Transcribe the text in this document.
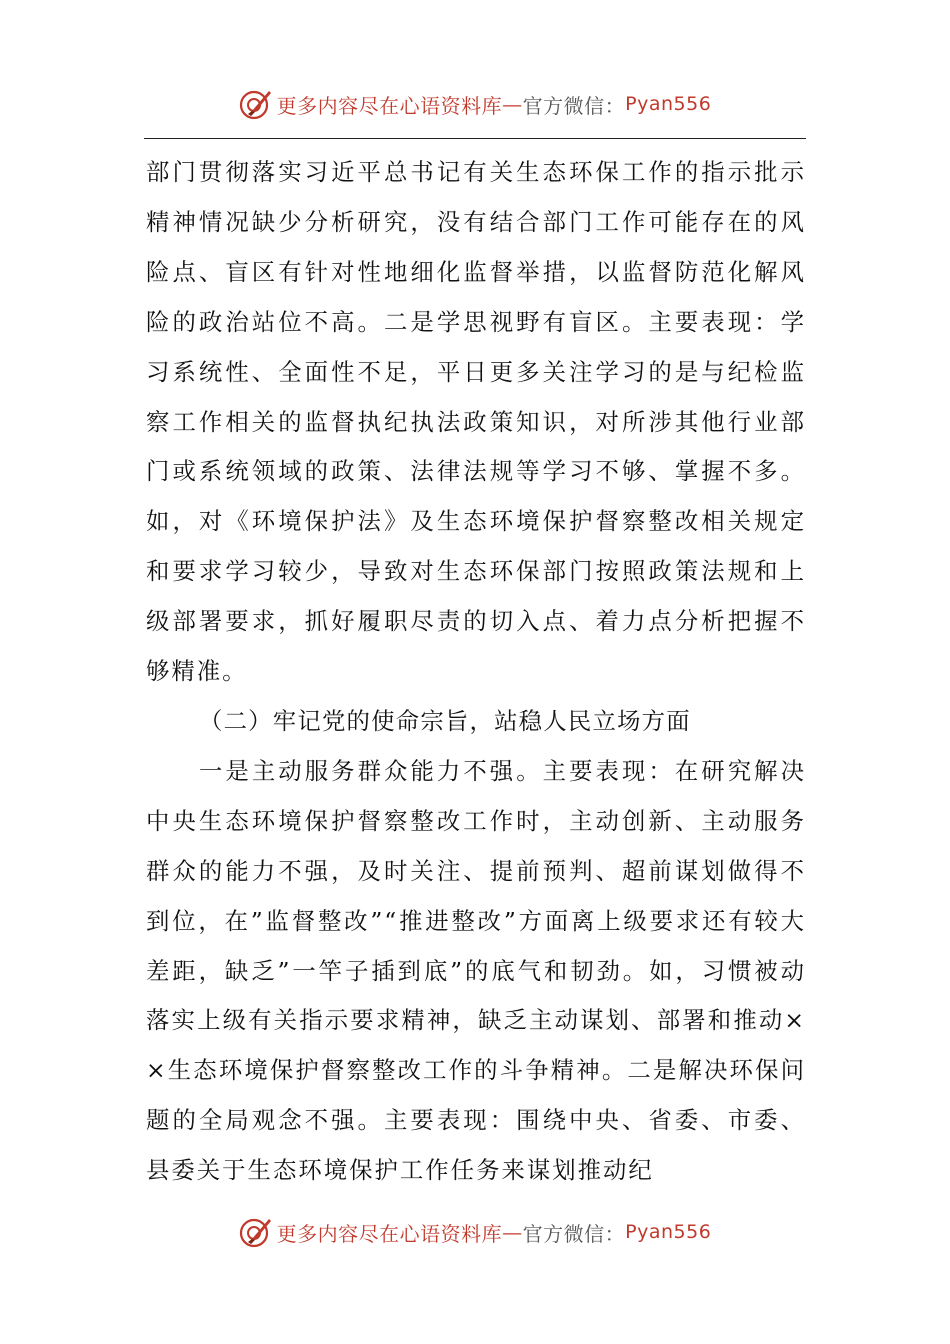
更多内容尽在心语资料库 — 官方微信： Pyan556

部门贯彻落实习近平总书记有关生态环保工作的指示批示精神情况缺少分析研究，没有结合部门工作可能存在的风险点、盲区有针对性地细化监督举措，以监督防范化解风险的政治站位不高。二是学思视野有盲区。主要表现：学习系统性、全面性不足，平日更多关注学习的是与纪检监察工作相关的监督执纪执法政策知识，对所涉其他行业部门或系统领域的政策、法律法规等学习不够、掌握不多。如，对《环境保护法》及生态环境保护督察整改相关规定和要求学习较少，导致对生态环保部门按照政策法规和上级部署要求，抓好履职尽责的切入点、着力点分析把握不够精准。

（二）牢记党的使命宗旨，站稳人民立场方面

一是主动服务群众能力不强。主要表现：在研究解决中央生态环境保护督察整改工作时，主动创新、主动服务群众的能力不强，及时关注、提前预判、超前谋划做得不到位，在”监督整改”“推进整改”方面离上级要求还有较大差距，缺乏”一竿子插到底”的底气和韧劲。如，习惯被动落实上级有关指示要求精神，缺乏主动谋划、部署和推动××生态环境保护督察整改工作的斗争精神。二是解决环保问题的全局观念不强。主要表现：围绕中央、省委、市委、县委关于生态环境保护工作任务来谋划推动纪

更多内容尽在心语资料库 — 官方微信： Pyan556
